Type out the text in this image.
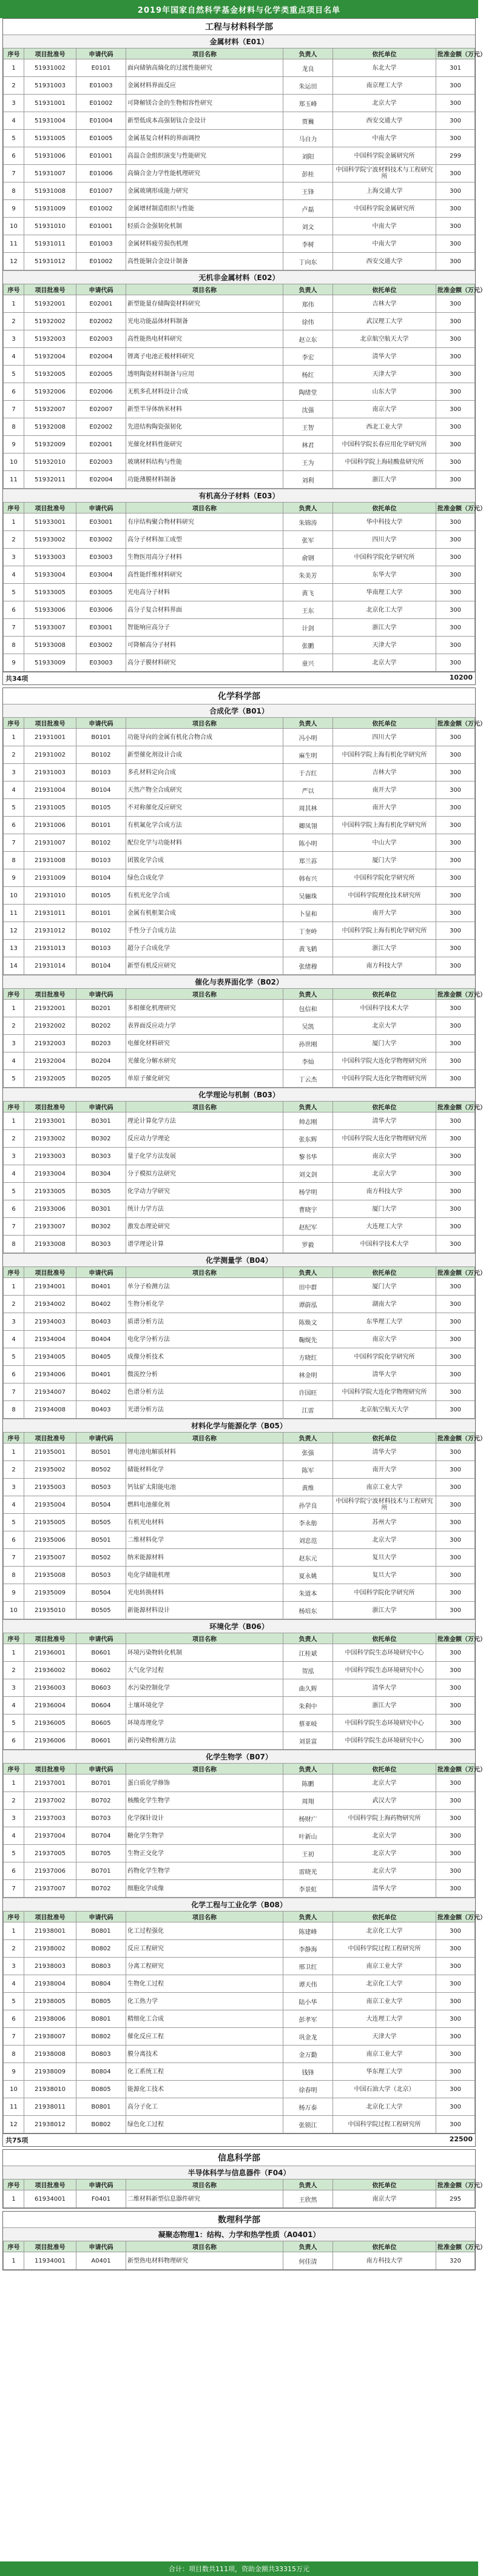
2019年国家自然科学基金材料与化学类重点项目名单
工程与材料科学部
金属材料（E01）
序号	项目批准号	申请代码	项目名称	负责人	依托单位	批准金额（万元）
1	51931002	E0101	面向储钠高熵化的过渡性能研究	龙良	东北大学	301
2	51931003	E01003	金属材料界面反应	朱运田	南京理工大学	300
3	51931001	E01002	可降解镁合金的生物相容性研究	郑玉峰	北京大学	300
4	51931004	E01004	新型低成本高强韧钛合金设计	贾巍	西安交通大学	300
5	51931005	E01005	金属基复合材料的界面调控	马自力	中南大学	300
6	51931006	E01001	高温合金组织演变与性能研究	刘阳	中国科学院金属研究所	299
7	51931007	E01006	高熵合金力学性能机理研究	彭桂	中国科学院宁波材料技术与工程研究所	300
8	51931008	E01007	金属玻璃形成能力研究	王锋	上海交通大学	300
9	51931009	E01002	金属增材制造组织与性能	卢磊	中国科学院金属研究所	300
10	51931010	E01001	轻质合金强韧化机制	刘文	中南大学	300
11	51931011	E01003	金属材料疲劳损伤机理	李树	中南大学	300
12	51931012	E01002	高性能铜合金设计制备	丁向东	西安交通大学	300
无机非金属材料（E02）
序号	项目批准号	申请代码	项目名称	负责人	依托单位	批准金额（万元）
1	51932001	E02001	新型能量存储陶瓷材料研究	郑伟	吉林大学	300
2	51932002	E02002	光电功能晶体材料制备	徐伟	武汉理工大学	300
3	51932003	E02003	高性能热电材料研究	赵立东	北京航空航天大学	300
4	51932004	E02004	锂离子电池正极材料研究	李宏	清华大学	300
5	51932005	E02005	透明陶瓷材料制备与应用	杨红	天津大学	300
6	51932006	E02006	无机多孔材料设计合成	陶绪堂	山东大学	300
7	51932007	E02007	新型半导体纳米材料	沈强	南京大学	300
8	51932008	E02002	先进结构陶瓷强韧化	王智	西北工业大学	300
9	51932009	E02001	光催化材料性能研究	林君	中国科学院长春应用化学研究所	300
10	51932010	E02003	玻璃材料结构与性能	王为	中国科学院上海硅酸盐研究所	300
11	51932011	E02004	功能薄膜材料制备	刘利	浙江大学	300
有机高分子材料（E03）
序号	项目批准号	申请代码	项目名称	负责人	依托单位	批准金额（万元）
1	51933001	E03001	有序结构聚合物材料研究	朱锦涛	华中科技大学	300
2	51933002	E03002	高分子材料加工成型	张军	四川大学	300
3	51933003	E03003	生物医用高分子材料	俞钢	中国科学院化学研究所	300
4	51933004	E03004	高性能纤维材料研究	朱美芳	东华大学	300
5	51933005	E03005	光电高分子材料	黄飞	华南理工大学	300
6	51933006	E03006	高分子复合材料界面	王东	北京化工大学	300
7	51933007	E03001	智能响应高分子	计剑	浙江大学	300
8	51933008	E03002	可降解高分子材料	张鹏	天津大学	300
9	51933009	E03003	高分子膜材料研究	童兴	北京大学	300
共34项	10200
化学科学部
合成化学（B01）
序号	项目批准号	申请代码	项目名称	负责人	依托单位	批准金额（万元）
1	21931001	B0101	功能导向的金属有机化合物合成	冯小明	四川大学	300
2	21931002	B0102	新型催化剂设计合成	麻生明	中国科学院上海有机化学研究所	300
3	21931003	B0103	多孔材料定向合成	于吉红	吉林大学	300
4	21931004	B0104	天然产物全合成研究	严以	南开大学	300
5	21931005	B0105	不对称催化反应研究	周其林	南开大学	300
6	21931006	B0101	有机氟化学合成方法	卿凤翎	中国科学院上海有机化学研究所	300
7	21931007	B0102	配位化学与功能材料	陈小明	中山大学	300
8	21931008	B0103	团簇化学合成	郑兰荪	厦门大学	300
9	21931009	B0104	绿色合成化学	韩布兴	中国科学院化学研究所	300
10	21931010	B0105	有机光化学合成	吴骊珠	中国科学院理化技术研究所	300
11	21931011	B0101	金属有机框架合成	卜显和	南开大学	300
12	21931012	B0102	手性分子合成方法	丁奎岭	中国科学院上海有机化学研究所	300
13	21931013	B0103	超分子合成化学	黄飞鹤	浙江大学	300
14	21931014	B0104	新型有机反应研究	张绪穆	南方科技大学	300
催化与表界面化学（B02）
序号	项目批准号	申请代码	项目名称	负责人	依托单位	批准金额（万元）
1	21932001	B0201	多相催化机理研究	包信和	中国科学技术大学	300
2	21932002	B0202	表界面反应动力学	吴凯	北京大学	300
3	21932003	B0203	电催化材料研究	孙世刚	厦门大学	300
4	21932004	B0204	光催化分解水研究	李灿	中国科学院大连化学物理研究所	300
5	21932005	B0205	单原子催化研究	丁云杰	中国科学院大连化学物理研究所	300
化学理论与机制（B03）
序号	项目批准号	申请代码	项目名称	负责人	依托单位	批准金额（万元）
1	21933001	B0301	理论计算化学方法	帅志刚	清华大学	300
2	21933002	B0302	反应动力学理论	张东辉	中国科学院大连化学物理研究所	300
3	21933003	B0303	量子化学方法发展	黎书华	南京大学	300
4	21933004	B0304	分子模拟方法研究	刘文剑	北京大学	300
5	21933005	B0305	化学动力学研究	杨学明	南方科技大学	300
6	21933006	B0301	统计力学方法	曹晓宇	厦门大学	300
7	21933007	B0302	激发态理论研究	赵纪军	大连理工大学	300
8	21933008	B0303	谱学理论计算	罗毅	中国科学技术大学	300
化学测量学（B04）
序号	项目批准号	申请代码	项目名称	负责人	依托单位	批准金额（万元）
1	21934001	B0401	单分子检测方法	田中群	厦门大学	300
2	21934002	B0402	生物分析化学	谭蔚泓	湖南大学	300
3	21934003	B0403	质谱分析方法	陈焕文	东华理工大学	300
4	21934004	B0404	电化学分析方法	鞠熀先	南京大学	300
5	21934005	B0405	成像分析技术	方晓红	中国科学院化学研究所	300
6	21934006	B0401	微流控分析	林金明	清华大学	300
7	21934007	B0402	色谱分析方法	许国旺	中国科学院大连化学物理研究所	300
8	21934008	B0403	光谱分析方法	江雷	北京航空航天大学	300
材料化学与能源化学（B05）
序号	项目批准号	申请代码	项目名称	负责人	依托单位	批准金额（万元）
1	21935001	B0501	锂电池电解质材料	张强	清华大学	300
2	21935002	B0502	储能材料化学	陈军	南开大学	300
3	21935003	B0503	钙钛矿太阳能电池	黄维	南京工业大学	300
4	21935004	B0504	燃料电池催化剂	孙学良	中国科学院宁波材料技术与工程研究所	300
5	21935005	B0505	有机光电材料	李永舫	苏州大学	300
6	21935006	B0501	二维材料化学	刘忠范	北京大学	300
7	21935007	B0502	纳米能源材料	赵东元	复旦大学	300
8	21935008	B0503	电化学储能机理	夏永姚	复旦大学	300
9	21935009	B0504	光电转换材料	朱道本	中国科学院化学研究所	300
10	21935010	B0505	新能源材料设计	杨培东	浙江大学	300
环境化学（B06）
序号	项目批准号	申请代码	项目名称	负责人	依托单位	批准金额（万元）
1	21936001	B0601	环境污染物转化机制	江桂斌	中国科学院生态环境研究中心	300
2	21936002	B0602	大气化学过程	贺泓	中国科学院生态环境研究中心	300
3	21936003	B0603	水污染控制化学	曲久辉	清华大学	300
4	21936004	B0604	土壤环境化学	朱利中	浙江大学	300
5	21936005	B0605	环境毒理化学	蔡亚岐	中国科学院生态环境研究中心	300
6	21936006	B0601	新污染物检测方法	刘景富	中国科学院生态环境研究中心	300
化学生物学（B07）
序号	项目批准号	申请代码	项目名称	负责人	依托单位	批准金额（万元）
1	21937001	B0701	蛋白质化学修饰	陈鹏	北京大学	300
2	21937002	B0702	核酸化学生物学	周翔	武汉大学	300
3	21937003	B0703	化学探针设计	杨财广	中国科学院上海药物研究所	300
4	21937004	B0704	糖化学生物学	叶新山	北京大学	300
5	21937005	B0705	生物正交化学	王初	北京大学	300
6	21937006	B0701	药物化学生物学	雷晓光	北京大学	300
7	21937007	B0702	细胞化学成像	李景虹	清华大学	300
化学工程与工业化学（B08）
序号	项目批准号	申请代码	项目名称	负责人	依托单位	批准金额（万元）
1	21938001	B0801	化工过程强化	陈建峰	北京化工大学	300
2	21938002	B0802	反应工程研究	李静海	中国科学院过程工程研究所	300
3	21938003	B0803	分离工程研究	邢卫红	南京工业大学	300
4	21938004	B0804	生物化工过程	谭天伟	北京化工大学	300
5	21938005	B0805	化工热力学	陆小华	南京工业大学	300
6	21938006	B0801	精细化工合成	彭孝军	大连理工大学	300
7	21938007	B0802	催化反应工程	巩金龙	天津大学	300
8	21938008	B0803	膜分离技术	金万勤	南京工业大学	300
9	21938009	B0804	化工系统工程	钱锋	华东理工大学	300
10	21938010	B0805	能源化工技术	徐春明	中国石油大学（北京）	300
11	21938011	B0801	高分子化工	杨万泰	北京化工大学	300
12	21938012	B0802	绿色化工过程	张锁江	中国科学院过程工程研究所	300
共75项	22500
信息科学部
半导体科学与信息器件（F04）
序号	项目批准号	申请代码	项目名称	负责人	依托单位	批准金额（万元）
1	61934001	F0401	二维材料新型信息器件研究	王欣然	南京大学	295
数理科学部
凝聚态物理1：结构、力学和热学性质（A0401）
序号	项目批准号	申请代码	项目名称	负责人	依托单位	批准金额（万元）
1	11934001	A0401	新型热电材料物理研究	何佳清	南方科技大学	320
合计：项目数共111项，资助金额共33315万元
